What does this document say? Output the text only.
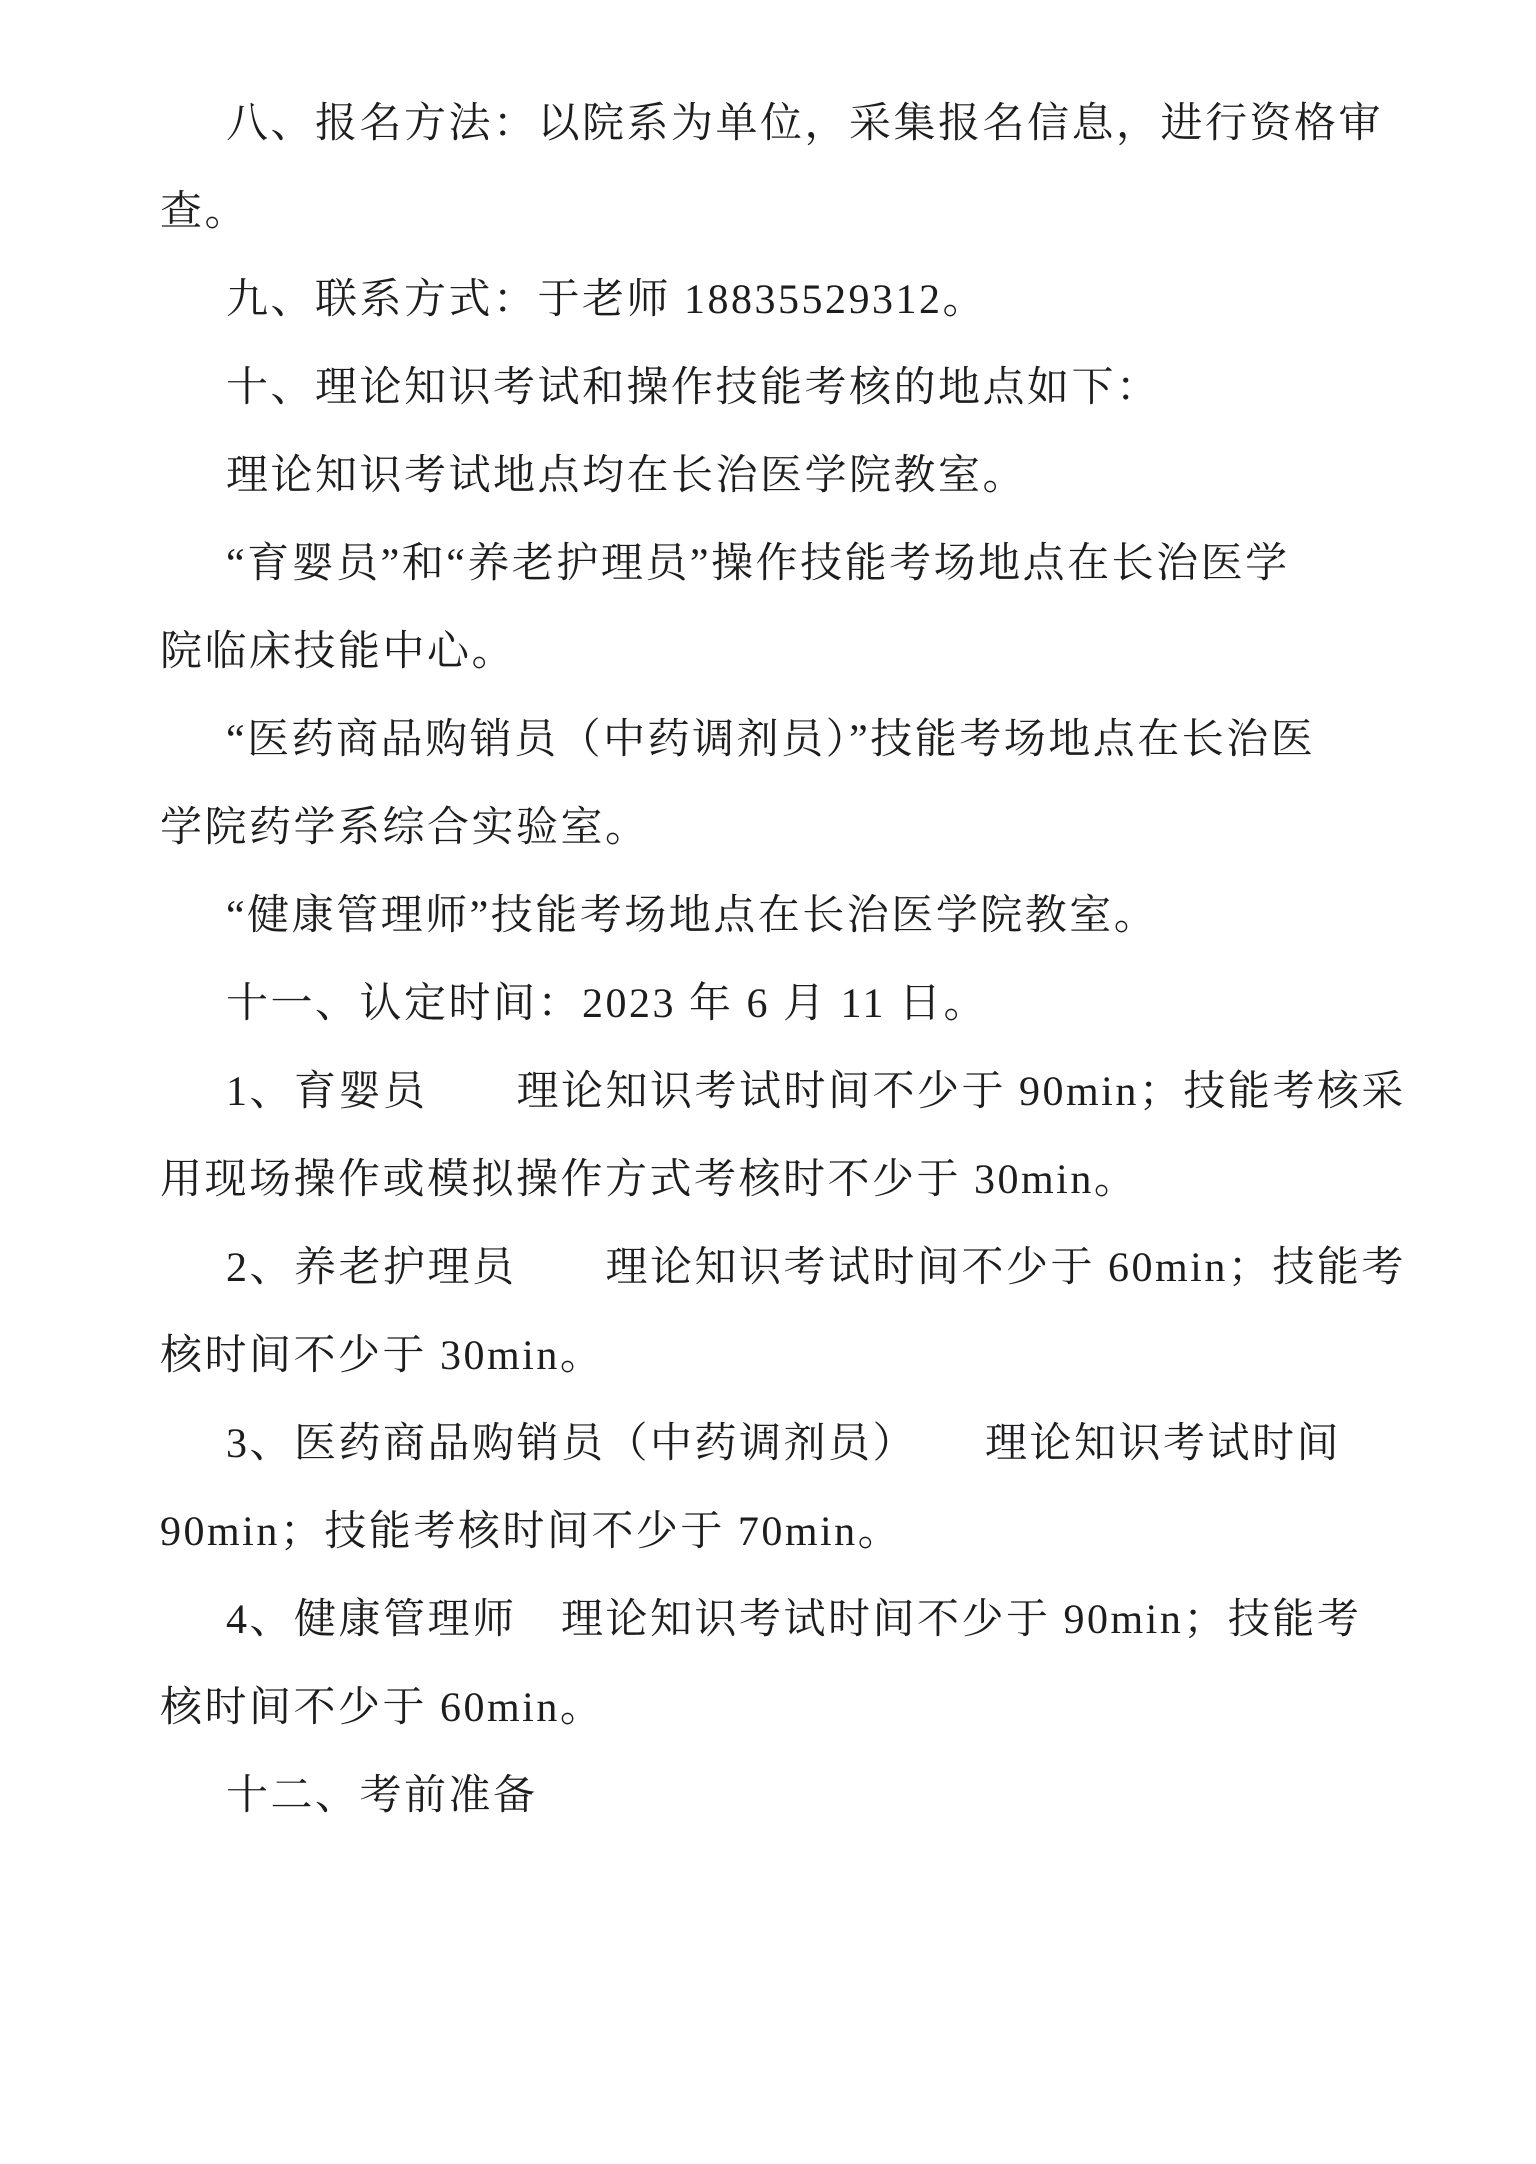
八、报名方法：以院系为单位，采集报名信息，进行资格审
查。
九、联系方式：于老师 18835529312。
十、理论知识考试和操作技能考核的地点如下：
理论知识考试地点均在长治医学院教室。
“育婴员”和“养老护理员”操作技能考场地点在长治医学
院临床技能中心。
“医药商品购销员（中药调剂员）”技能考场地点在长治医
学院药学系综合实验室。
“健康管理师”技能考场地点在长治医学院教室。
十一、认定时间：2023 年 6 月 11 日。
1、育婴员　　理论知识考试时间不少于 90min；技能考核采
用现场操作或模拟操作方式考核时不少于 30min。
2、养老护理员　　理论知识考试时间不少于 60min；技能考
核时间不少于 30min。
3、医药商品购销员（中药调剂员）　　理论知识考试时间
90min；技能考核时间不少于 70min。
4、健康管理师　理论知识考试时间不少于 90min；技能考
核时间不少于 60min。
十二、考前准备
